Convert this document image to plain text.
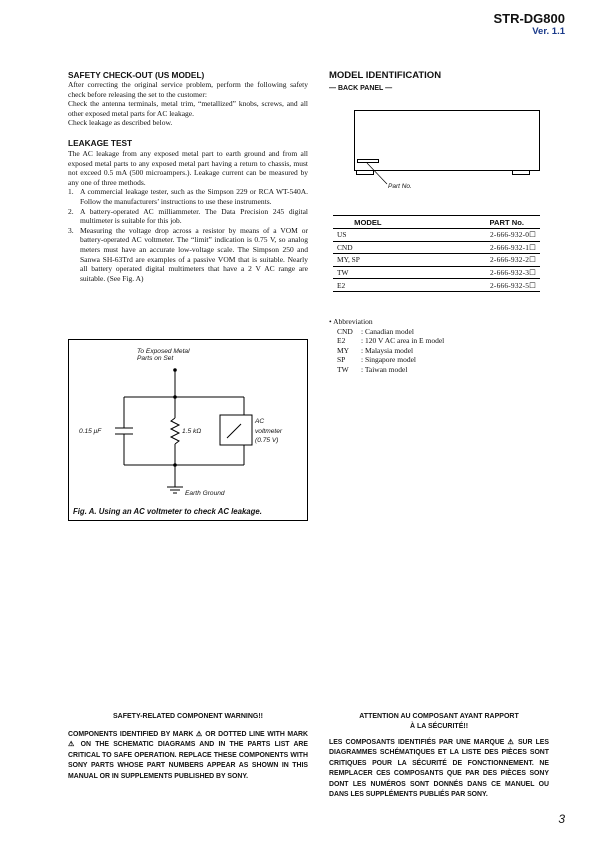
STR-DG800
Ver. 1.1
SAFETY CHECK-OUT (US MODEL)
After correcting the original service problem, perform the following safety check before releasing the set to the customer:
Check the antenna terminals, metal trim, “metallized” knobs, screws, and all other exposed metal parts for AC leakage.
Check leakage as described below.
LEAKAGE TEST
The AC leakage from any exposed metal part to earth ground and from all exposed metal parts to any exposed metal part having a return to chassis, must not exceed 0.5 mA (500 microampers.). Leakage current can be measured by any one of three methods.
1. A commercial leakage tester, such as the Simpson 229 or RCA WT-540A. Follow the manufacturers’ instructions to use these instruments.
2. A battery-operated AC milliammeter. The Data Precision 245 digital multimeter is suitable for this job.
3. Measuring the voltage drop across a resistor by means of a VOM or battery-operated AC voltmeter. The “limit” indication is 0.75 V, so analog meters must have an accurate low-voltage scale. The Simpson 250 and Sanwa SH-63Trd are examples of a passive VOM that is suitable. Nearly all battery operated digital multimeters that have a 2 V AC range are suitable. (See Fig. A)
To Exposed Metal
Parts on Set
0.15 μF	1.5 kΩ
AC
voltmeter
(0.75 V)
Earth Ground
Fig. A. Using an AC voltmeter to check AC leakage.
MODEL IDENTIFICATION
— BACK PANEL —
Part No.
MODEL	PART No.
US	2-666-932-0☐
CND	2-666-932-1☐
MY, SP	2-666-932-2☐
TW	2-666-932-3☐
E2	2-666-932-5☐
• Abbreviation
CND	: Canadian model
E2	: 120 V AC area in E model
MY	: Malaysia model
SP	: Singapore model
TW	: Taiwan model
SAFETY-RELATED COMPONENT WARNING!!
COMPONENTS IDENTIFIED BY MARK ⚠ OR DOTTED LINE WITH MARK ⚠ ON THE SCHEMATIC DIAGRAMS AND IN THE PARTS LIST ARE CRITICAL TO SAFE OPERATION. REPLACE THESE COMPONENTS WITH SONY PARTS WHOSE PART NUMBERS APPEAR AS SHOWN IN THIS MANUAL OR IN SUPPLEMENTS PUBLISHED BY SONY.
ATTENTION AU COMPOSANT AYANT RAPPORT
À LA SÉCURITÉ!!
LES COMPOSANTS IDENTIFIÉS PAR UNE MARQUE ⚠ SUR LES DIAGRAMMES SCHÉMATIQUES ET LA LISTE DES PIÈCES SONT CRITIQUES POUR LA SÉCURITÉ DE FONCTIONNEMENT. NE REMPLACER CES COMPOSANTS QUE PAR DES PIÈCES SONY DONT LES NUMÉROS SONT DONNÉS DANS CE MANUEL OU DANS LES SUPPLÉMENTS PUBLIÉS PAR SONY.
3
